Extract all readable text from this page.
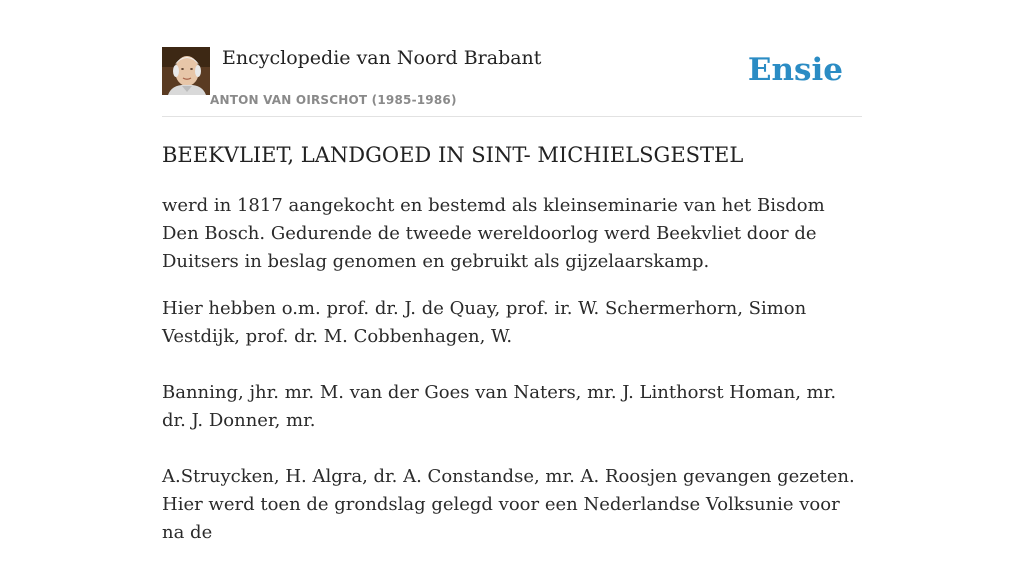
Encyclopedie van Noord Brabant
ANTON VAN OIRSCHOT (1985-1986)
Ensie
BEEKVLIET, LANDGOED IN SINT- MICHIELSGESTEL

werd in 1817 aangekocht en bestemd als kleinseminarie van het Bisdom Den Bosch. Gedurende de tweede wereldoorlog werd Beekvliet door de Duitsers in beslag genomen en gebruikt als gijzelaarskamp.

Hier hebben o.m. prof. dr. J. de Quay, prof. ir. W. Schermerhorn, Simon Vestdijk, prof. dr. M. Cobbenhagen, W.

Banning, jhr. mr. M. van der Goes van Naters, mr. J. Linthorst Homan, mr. dr. J. Donner, mr.

A.Struycken, H. Algra, dr. A. Constandse, mr. A. Roosjen gevangen gezeten. Hier werd toen de grondslag gelegd voor een Nederlandse Volksunie voor na de
